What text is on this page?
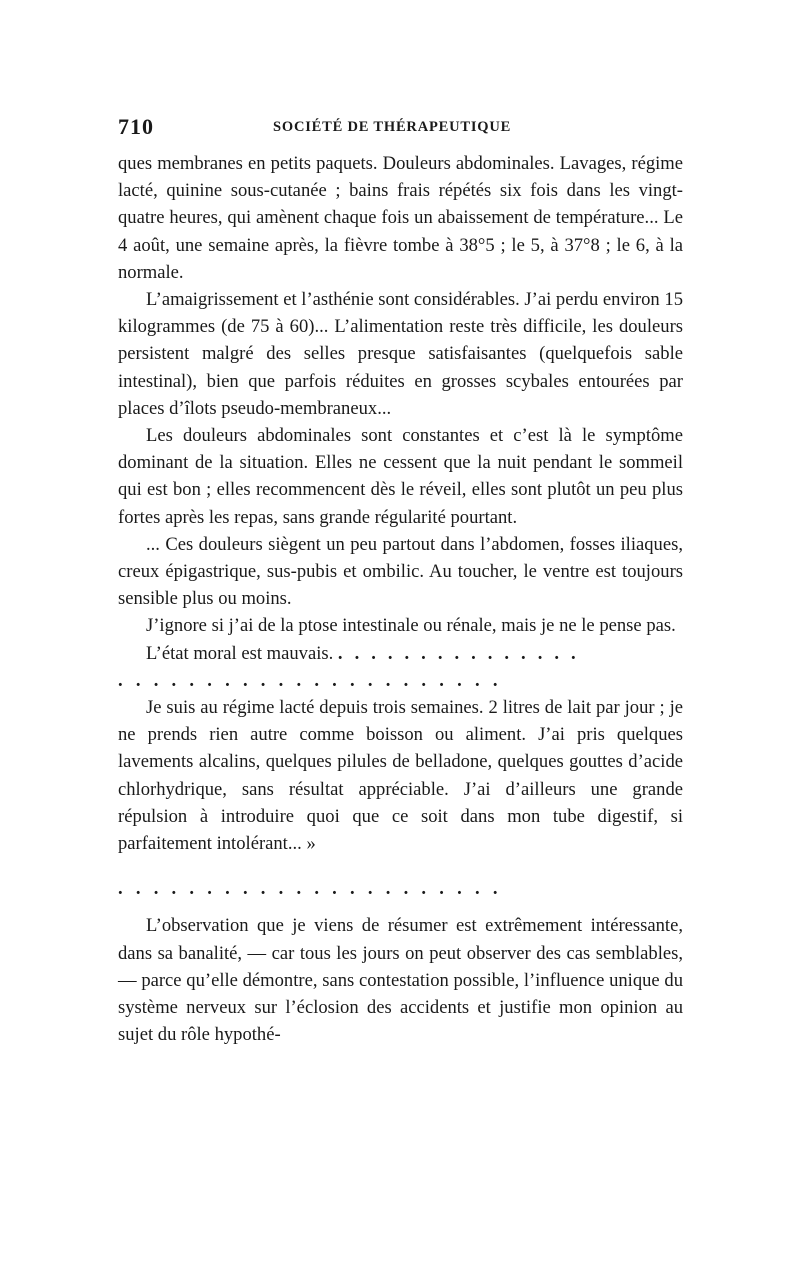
710	SOCIÉTÉ DE THÉRAPEUTIQUE

ques membranes en petits paquets. Douleurs abdominales. Lavages, régime lacté, quinine sous-cutanée ; bains frais répétés six fois dans les vingt-quatre heures, qui amènent chaque fois un abaissement de température... Le 4 août, une semaine après, la fièvre tombe à 38°5 ; le 5, à 37°8 ; le 6, à la normale.

L’amaigrissement et l’asthénie sont considérables. J’ai perdu environ 15 kilogrammes (de 75 à 60)... L’alimentation reste très difficile, les douleurs persistent malgré des selles presque satisfaisantes (quelquefois sable intestinal), bien que parfois réduites en grosses scybales entourées par places d’îlots pseudo-membraneux...

Les douleurs abdominales sont constantes et c’est là le symptôme dominant de la situation. Elles ne cessent que la nuit pendant le sommeil qui est bon ; elles recommencent dès le réveil, elles sont plutôt un peu plus fortes après les repas, sans grande régularité pourtant.

... Ces douleurs siègent un peu partout dans l’abdomen, fosses iliaques, creux épigastrique, sus-pubis et ombilic. Au toucher, le ventre est toujours sensible plus ou moins.

J’ignore si j’ai de la ptose intestinale ou rénale, mais je ne le pense pas.

L’état moral est mauvais. ...............

......................

Je suis au régime lacté depuis trois semaines. 2 litres de lait par jour ; je ne prends rien autre comme boisson ou aliment. J’ai pris quelques lavements alcalins, quelques pilules de belladone, quelques gouttes d’acide chlorhydrique, sans résultat appréciable. J’ai d’ailleurs une grande répulsion à introduire quoi que ce soit dans mon tube digestif, si parfaitement intolérant... »

......................

L’observation que je viens de résumer est extrêmement intéressante, dans sa banalité, — car tous les jours on peut observer des cas semblables, — parce qu’elle démontre, sans contestation possible, l’influence unique du système nerveux sur l’éclosion des accidents et justifie mon opinion au sujet du rôle hypothé-
